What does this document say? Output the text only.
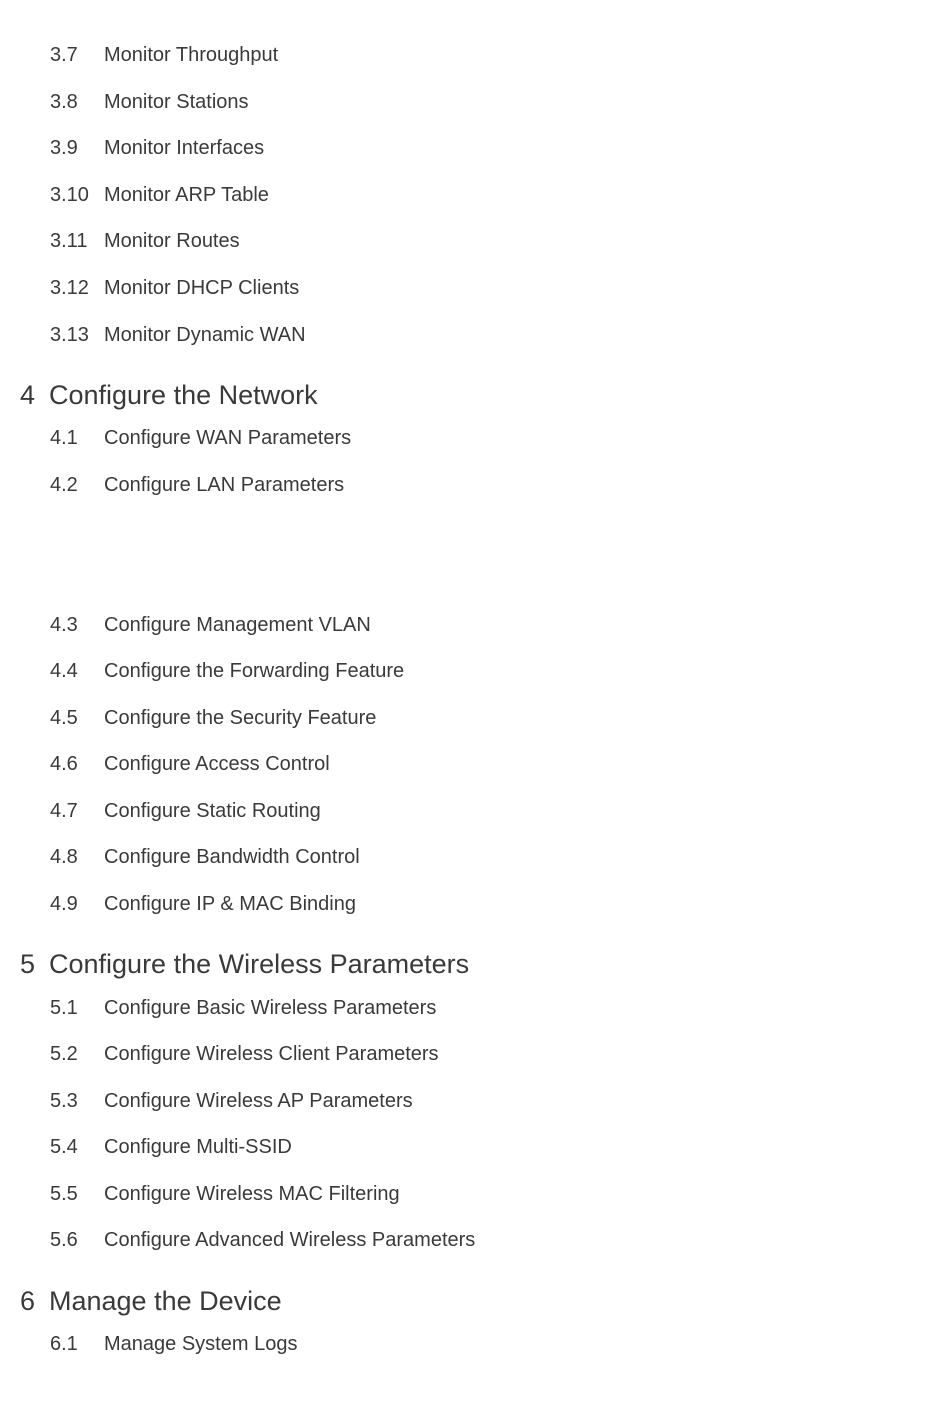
3.7 Monitor Throughput
3.8 Monitor Stations
3.9 Monitor Interfaces
3.10 Monitor ARP Table
3.11 Monitor Routes
3.12 Monitor DHCP Clients
3.13 Monitor Dynamic WAN
4 Configure the Network
4.1 Configure WAN Parameters
4.2 Configure LAN Parameters
4.3 Configure Management VLAN
4.4 Configure the Forwarding Feature
4.5 Configure the Security Feature
4.6 Configure Access Control
4.7 Configure Static Routing
4.8 Configure Bandwidth Control
4.9 Configure IP & MAC Binding
5 Configure the Wireless Parameters
5.1 Configure Basic Wireless Parameters
5.2 Configure Wireless Client Parameters
5.3 Configure Wireless AP Parameters
5.4 Configure Multi-SSID
5.5 Configure Wireless MAC Filtering
5.6 Configure Advanced Wireless Parameters
6 Manage the Device
6.1 Manage System Logs
